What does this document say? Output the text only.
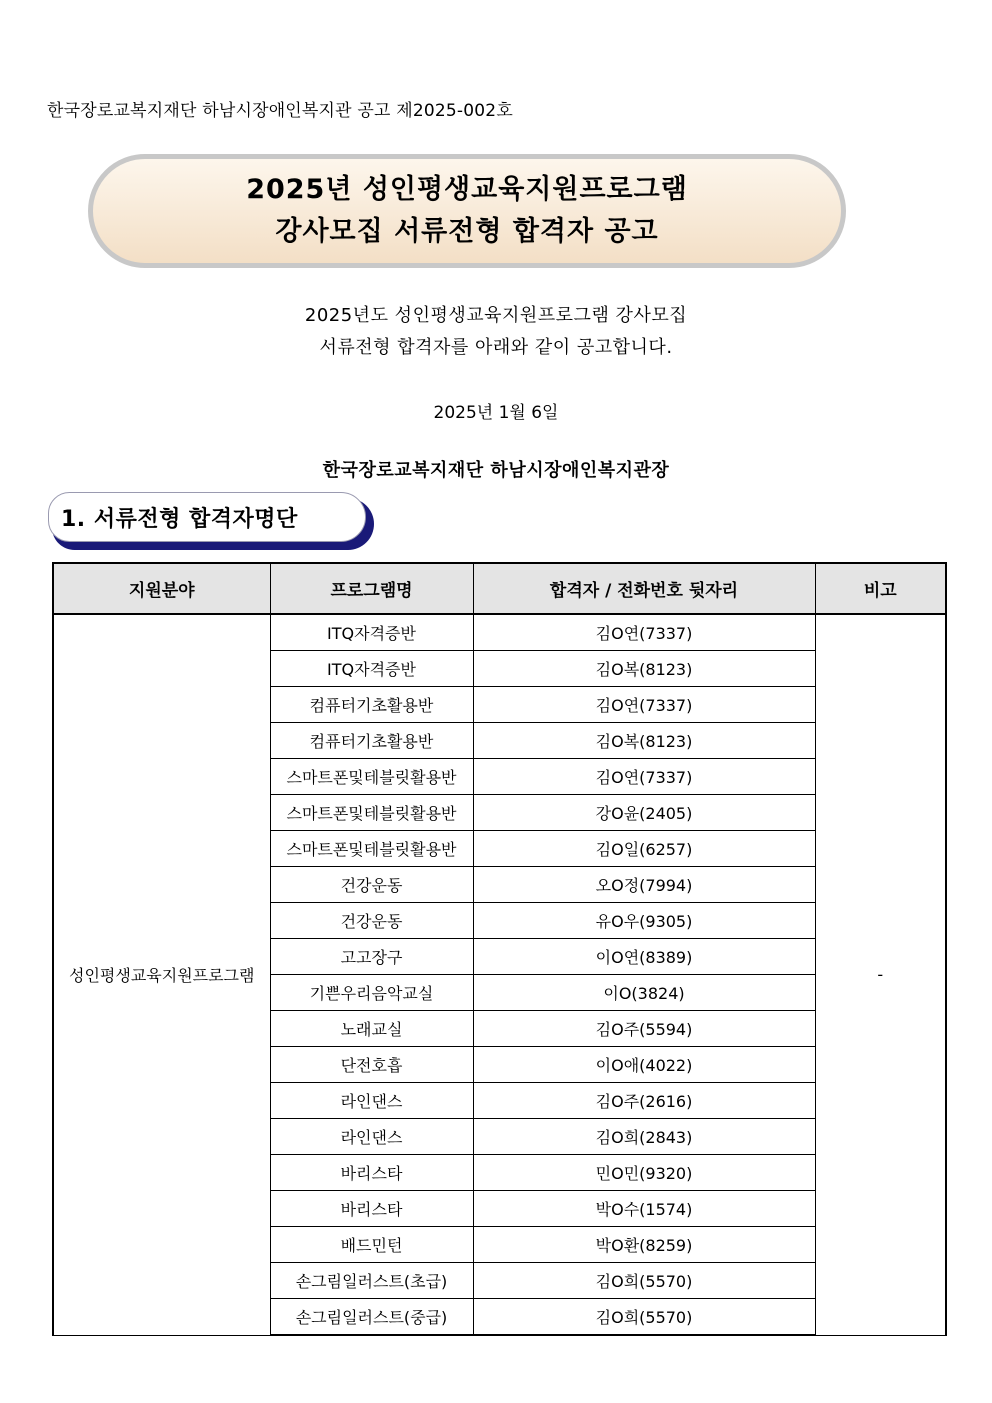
한국장로교복지재단 하남시장애인복지관 공고 제2025-002호
2025년 성인평생교육지원프로그램
강사모집 서류전형 합격자 공고
2025년도 성인평생교육지원프로그램 강사모집
서류전형 합격자를 아래와 같이 공고합니다.
2025년 1월 6일
한국장로교복지재단 하남시장애인복지관장
1. 서류전형 합격자명단
지원분야	프로그램명	합격자 / 전화번호 뒷자리	비고
성인평생교육지원프로그램	ITQ자격증반	김O연(7337)	-
	ITQ자격증반	김O복(8123)	
	컴퓨터기초활용반	김O연(7337)	
	컴퓨터기초활용반	김O복(8123)	
	스마트폰및테블릿활용반	김O연(7337)	
	스마트폰및테블릿활용반	강O윤(2405)	
	스마트폰및테블릿활용반	김O일(6257)	
	건강운동	오O정(7994)	
	건강운동	유O우(9305)	
	고고장구	이O연(8389)	
	기쁜우리음악교실	이O(3824)	
	노래교실	김O주(5594)	
	단전호흡	이O애(4022)	
	라인댄스	김O주(2616)	
	라인댄스	김O희(2843)	
	바리스타	민O민(9320)	
	바리스타	박O수(1574)	
	배드민턴	박O환(8259)	
	손그림일러스트(초급)	김O희(5570)	
	손그림일러스트(중급)	김O희(5570)	
